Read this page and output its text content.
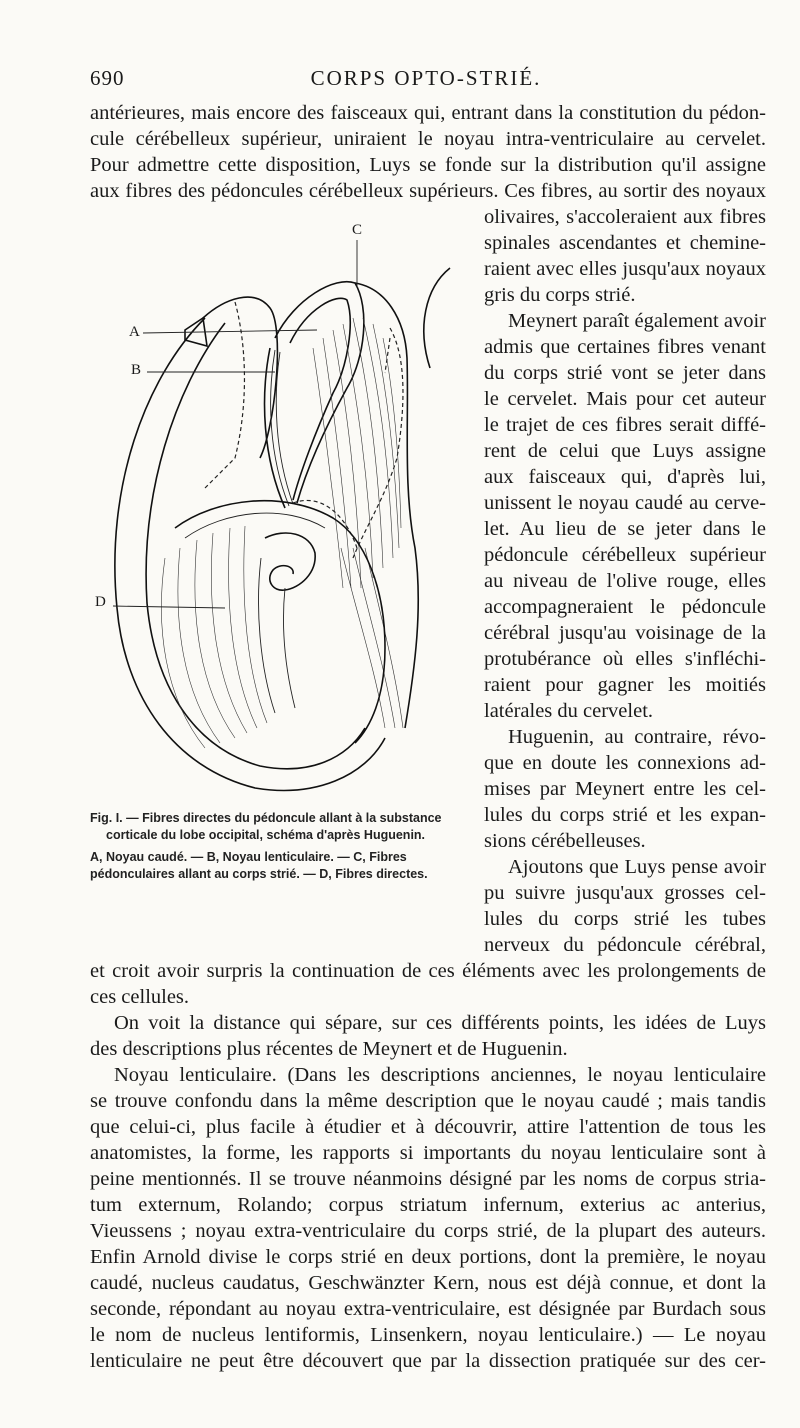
690	CORPS OPTO-STRIÉ.
antérieures, mais encore des faisceaux qui, entrant dans la constitution du pédon-
cule cérébelleux supérieur, uniraient le noyau intra-ventriculaire au cervelet.
Pour admettre cette disposition, Luys se fonde sur la distribution qu'il assigne
aux fibres des pédoncules cérébelleux supérieurs. Ces fibres, au sortir des noyaux
A
B
C
D
Fig. I. — Fibres directes du pédoncule allant à la substance
corticale du lobe occipital, schéma d'après Huguenin.
A, Noyau caudé. — B, Noyau lenticulaire. — C, Fibres
pédonculaires allant au corps strié. — D, Fibres directes.
olivaires, s'accoleraient aux fibres
spinales ascendantes et chemine-
raient avec elles jusqu'aux noyaux
gris du corps strié.
Meynert paraît également avoir
admis que certaines fibres venant
du corps strié vont se jeter dans
le cervelet. Mais pour cet auteur
le trajet de ces fibres serait diffé-
rent de celui que Luys assigne
aux faisceaux qui, d'après lui,
unissent le noyau caudé au cerve-
let. Au lieu de se jeter dans le
pédoncule cérébelleux supérieur
au niveau de l'olive rouge, elles
accompagneraient le pédoncule
cérébral jusqu'au voisinage de la
protubérance où elles s'infléchi-
raient pour gagner les moitiés
latérales du cervelet.
Huguenin, au contraire, révo-
que en doute les connexions ad-
mises par Meynert entre les cel-
lules du corps strié et les expan-
sions cérébelleuses.
Ajoutons que Luys pense avoir
pu suivre jusqu'aux grosses cel-
lules du corps strié les tubes
nerveux du pédoncule cérébral,
et croit avoir surpris la continuation de ces éléments avec les prolongements de
ces cellules.
On voit la distance qui sépare, sur ces différents points, les idées de Luys
des descriptions plus récentes de Meynert et de Huguenin.
Noyau lenticulaire. (Dans les descriptions anciennes, le noyau lenticulaire
se trouve confondu dans la même description que le noyau caudé ; mais tandis
que celui-ci, plus facile à étudier et à découvrir, attire l'attention de tous les
anatomistes, la forme, les rapports si importants du noyau lenticulaire sont à
peine mentionnés. Il se trouve néanmoins désigné par les noms de corpus stria-
tum externum, Rolando; corpus striatum infernum, exterius ac anterius,
Vieussens ; noyau extra-ventriculaire du corps strié, de la plupart des auteurs.
Enfin Arnold divise le corps strié en deux portions, dont la première, le noyau
caudé, nucleus caudatus, Geschwänzter Kern, nous est déjà connue, et dont la
seconde, répondant au noyau extra-ventriculaire, est désignée par Burdach sous
le nom de nucleus lentiformis, Linsenkern, noyau lenticulaire.) — Le noyau
lenticulaire ne peut être découvert que par la dissection pratiquée sur des cer-
